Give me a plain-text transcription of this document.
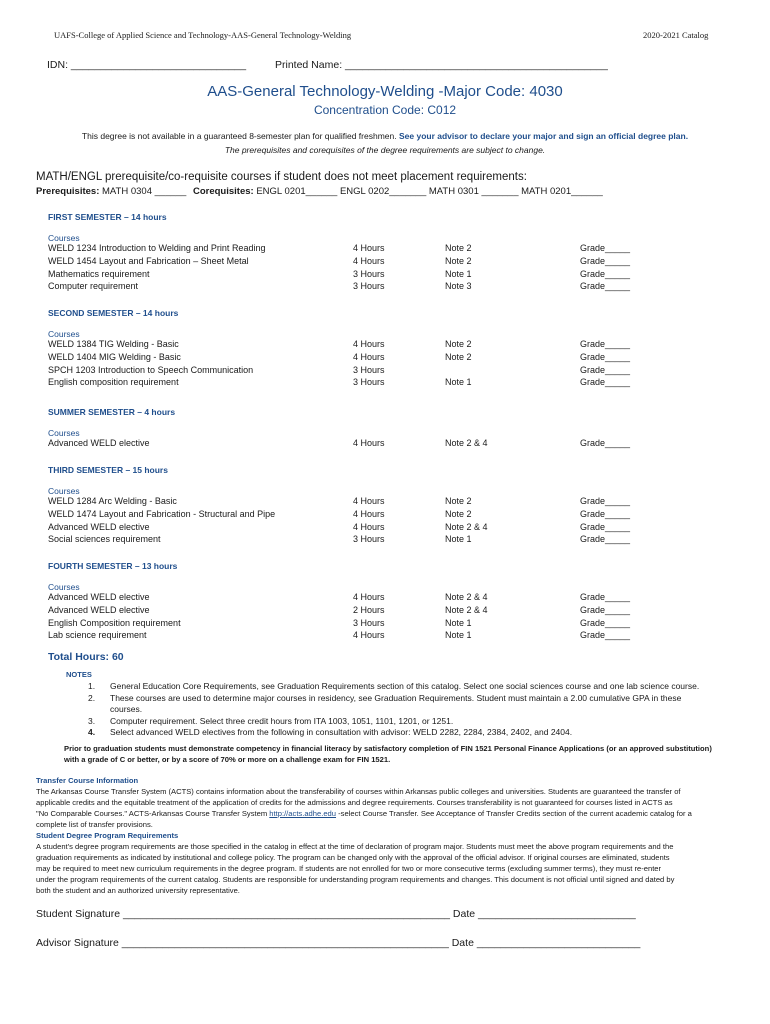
UAFS-College of Applied Science and Technology-AAS-General Technology-Welding	2020-2021 Catalog
IDN: ______________________________	Printed Name: _____________________________________________
AAS-General Technology-Welding -Major Code: 4030
Concentration Code: C012
This degree is not available in a guaranteed 8-semester plan for qualified freshmen. See your advisor to declare your major and sign an official degree plan.
The prerequisites and corequisites of the degree requirements are subject to change.
MATH/ENGL prerequisite/co-requisite courses if student does not meet placement requirements:
Prerequisites: MATH 0304 ______ Corequisites: ENGL 0201______ ENGL 0202_______ MATH 0301 _______ MATH 0201______
FIRST SEMESTER – 14 hours
Courses
WELD 1234 Introduction to Welding and Print Reading	4 Hours	Note 2	Grade_____
WELD 1454 Layout and Fabrication – Sheet Metal	4 Hours	Note 2	Grade_____
Mathematics requirement	3 Hours	Note 1	Grade_____
Computer requirement	3 Hours	Note 3	Grade_____
SECOND SEMESTER – 14 hours
Courses
WELD 1384 TIG Welding - Basic	4 Hours	Note 2	Grade_____
WELD 1404 MIG Welding - Basic	4 Hours	Note 2	Grade_____
SPCH 1203 Introduction to Speech Communication	3 Hours	Grade_____
English composition requirement	3 Hours	Note 1	Grade_____
SUMMER SEMESTER – 4 hours
Courses
Advanced WELD elective	4 Hours	Note 2 & 4	Grade_____
THIRD SEMESTER – 15 hours
Courses
WELD 1284 Arc Welding - Basic	4 Hours	Note 2	Grade_____
WELD 1474 Layout and Fabrication - Structural and Pipe	4 Hours	Note 2	Grade_____
Advanced WELD elective	4 Hours	Note 2 & 4	Grade_____
Social sciences requirement	3 Hours	Note 1	Grade_____
FOURTH SEMESTER – 13 hours
Courses
Advanced WELD elective	4 Hours	Note 2 & 4	Grade_____
Advanced WELD elective	2 Hours	Note 2 & 4	Grade_____
English Composition requirement	3 Hours	Note 1	Grade_____
Lab science requirement	4 Hours	Note 1	Grade_____
Total Hours: 60
NOTES
1. General Education Core Requirements, see Graduation Requirements section of this catalog. Select one social sciences course and one lab science course.
2. These courses are used to determine major courses in residency, see Graduation Requirements. Student must maintain a 2.00 cumulative GPA in these
courses.
3. Computer requirement. Select three credit hours from ITA 1003, 1051, 1101, 1201, or 1251.
4. Select advanced WELD electives from the following in consultation with advisor: WELD 2282, 2284, 2384, 2402, and 2404.
Prior to graduation students must demonstrate competency in financial literacy by satisfactory completion of FIN 1521 Personal Finance Applications (or an approved substitution)
with a grade of C or better, or by a score of 70% or more on a challenge exam for FIN 1521.
Transfer Course Information
The Arkansas Course Transfer System (ACTS) contains information about the transferability of courses within Arkansas public colleges and universities. Students are guaranteed the transfer of
applicable credits and the equitable treatment of the application of credits for the admissions and degree requirements. Courses transferability is not guaranteed for courses listed in ACTS as
"No Comparable Courses." ACTS-Arkansas Course Transfer System http://acts.adhe.edu -select Course Transfer. See Acceptance of Transfer Credits section of the current academic catalog for a
complete list of transfer provisions.
Student Degree Program Requirements
A student's degree program requirements are those specified in the catalog in effect at the time of declaration of program major. Students must meet the above program requirements and the
graduation requirements as indicated by institutional and college policy. The program can be changed only with the approval of the official advisor. If original courses are eliminated, students
may be required to meet new curriculum requirements in the degree program. If students are not enrolled for two or more consecutive terms (excluding summer terms), they must re-enter
under the program requirements of the current catalog. Students are responsible for understanding program requirements and changes. This document is not official until signed and dated by
both the student and an authorized university representative.
Student Signature ________________________________________________________ Date ___________________________
Advisor Signature ________________________________________________________ Date ____________________________
